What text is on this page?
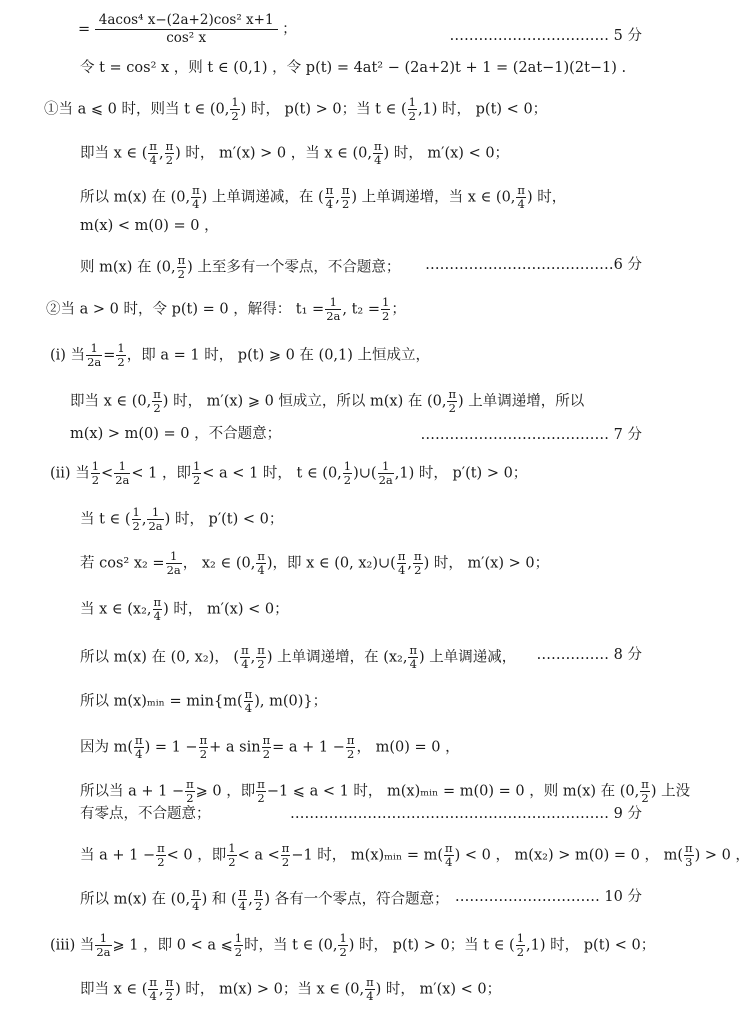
= $\frac{\text{4acos⁴ x−(2a+2)cos² x+1}}{\text{cos² x}}$ ；	…………………………… 5 分
令 t = cos² x ，则 t ∈ (0,1) ，令 p(t) = 4at² − (2a+2)t + 1 = (2at−1)(2t−1) .
①当 a ⩽ 0 时，则当 t ∈ (0, $\frac{1}{2}$ ) 时， p(t) > 0；当 t ∈ ( $\frac{1}{2} ,1$) 时， p(t) < 0；
即当 x ∈ ( $\frac{\pi}{4}$ , $\frac{\pi}{2}$ ) 时， m′(x) > 0 ，当 x ∈ (0, $\frac{\pi}{4}$ ) 时， m′(x) < 0；
所以 m(x) 在 (0, $\frac{\pi}{4}$ ) 上单调递减，在 ( $\frac{\pi}{4}$ , $\frac{\pi}{2}$ ) 上单调递增，当 x ∈ (0, $\frac{\pi}{4}$ ) 时，
m(x) < m(0) = 0 ，
则 m(x) 在 (0, $\frac{\pi}{2}$ ) 上至多有一个零点，不合题意； …………………………………6 分
②当 a > 0 时，令 p(t) = 0 ，解得： $t_1 = \frac{1}{2a}$ , $t_2 = \frac{1}{2}$ ；
(i) 当 $\frac{1}{2a} = \frac{1}{2}$ ，即 a = 1 时， p(t) ⩾ 0 在 (0,1) 上恒成立，
即当 x ∈ (0, $\frac{\pi}{2}$ ) 时， m′(x) ⩾ 0 恒成立，所以 m(x) 在 (0, $\frac{\pi}{2}$ ) 上单调递增，所以
m(x) > m(0) = 0 ，不合题意；	………………………………… 7 分
(ii) 当 $\frac{1}{2} < \frac{1}{2a} < 1$ ，即 $\frac{1}{2} < a < 1$ 时， t ∈ (0, $\frac{1}{2}$ )∪( $\frac{1}{2a} ,1$) 时， p′(t) > 0；
当 t ∈ ( $\frac{1}{2}$ , $\frac{1}{2a}$ ) 时， p′(t) < 0；
若 cos² $x_2 = \frac{1}{2a}$ ， x₂ ∈ (0, $\frac{\pi}{4}$ )，即 x ∈ (0, x₂)∪( $\frac{\pi}{4}$ , $\frac{\pi}{2}$ ) 时， m′(x) > 0；
当 x ∈ (x₂, $\frac{\pi}{4}$ ) 时， m′(x) < 0；
所以 m(x) 在 (0, x₂)， ( $\frac{\pi}{4}$ , $\frac{\pi}{2}$ ) 上单调递增，在 (x₂, $\frac{\pi}{4}$ ) 上单调递减， …………… 8 分
所以 m(x)ₘᵢₙ = $\min\{m( \frac{\pi}{4}$ ), m(0)}；
因为 $m( \frac{\pi}{4}$ ) = $1 - \frac{\pi}{2} + a$ $\sin \frac{\pi}{2} = a + 1 - \frac{\pi}{2}$ ， m(0) = 0 ，
所以当 $a + 1 - \frac{\pi}{2}$ ⩾ 0 ，即 $\frac{\pi}{2} -1$ ⩽ a < 1 时， m(x)ₘᵢₙ = m(0) = 0 ，则 m(x) 在 (0, $\frac{\pi}{2}$ ) 上没
有零点，不合题意；	………………………………………………………… 9 分
当 $a + 1 - \frac{\pi}{2} < 0$ ，即 $\frac{1}{2} < a < \frac{\pi}{2} -1$ 时， m(x)ₘᵢₙ = $m( \frac{\pi}{4}$ ) < 0 ， m(x₂) > m(0) = 0 ， $m( \frac{\pi}{3}$ ) > 0 ，
所以 m(x) 在 (0, $\frac{\pi}{4}$ ) 和 ( $\frac{\pi}{4}$ , $\frac{\pi}{2}$ ) 各有一个零点，符合题意； ………………………… 10 分
(iii) 当 $\frac{1}{2a}$ ⩾ 1 ，即 0 < a ⩽ $\frac{1}{2}$ 时，当 t ∈ (0, $\frac{1}{2}$ ) 时， p(t) > 0；当 t ∈ ( $\frac{1}{2} ,1$) 时， p(t) < 0；
即当 x ∈ ( $\frac{\pi}{4}$ , $\frac{\pi}{2}$ ) 时， m(x) > 0；当 x ∈ (0, $\frac{\pi}{4}$ ) 时， m′(x) < 0；
